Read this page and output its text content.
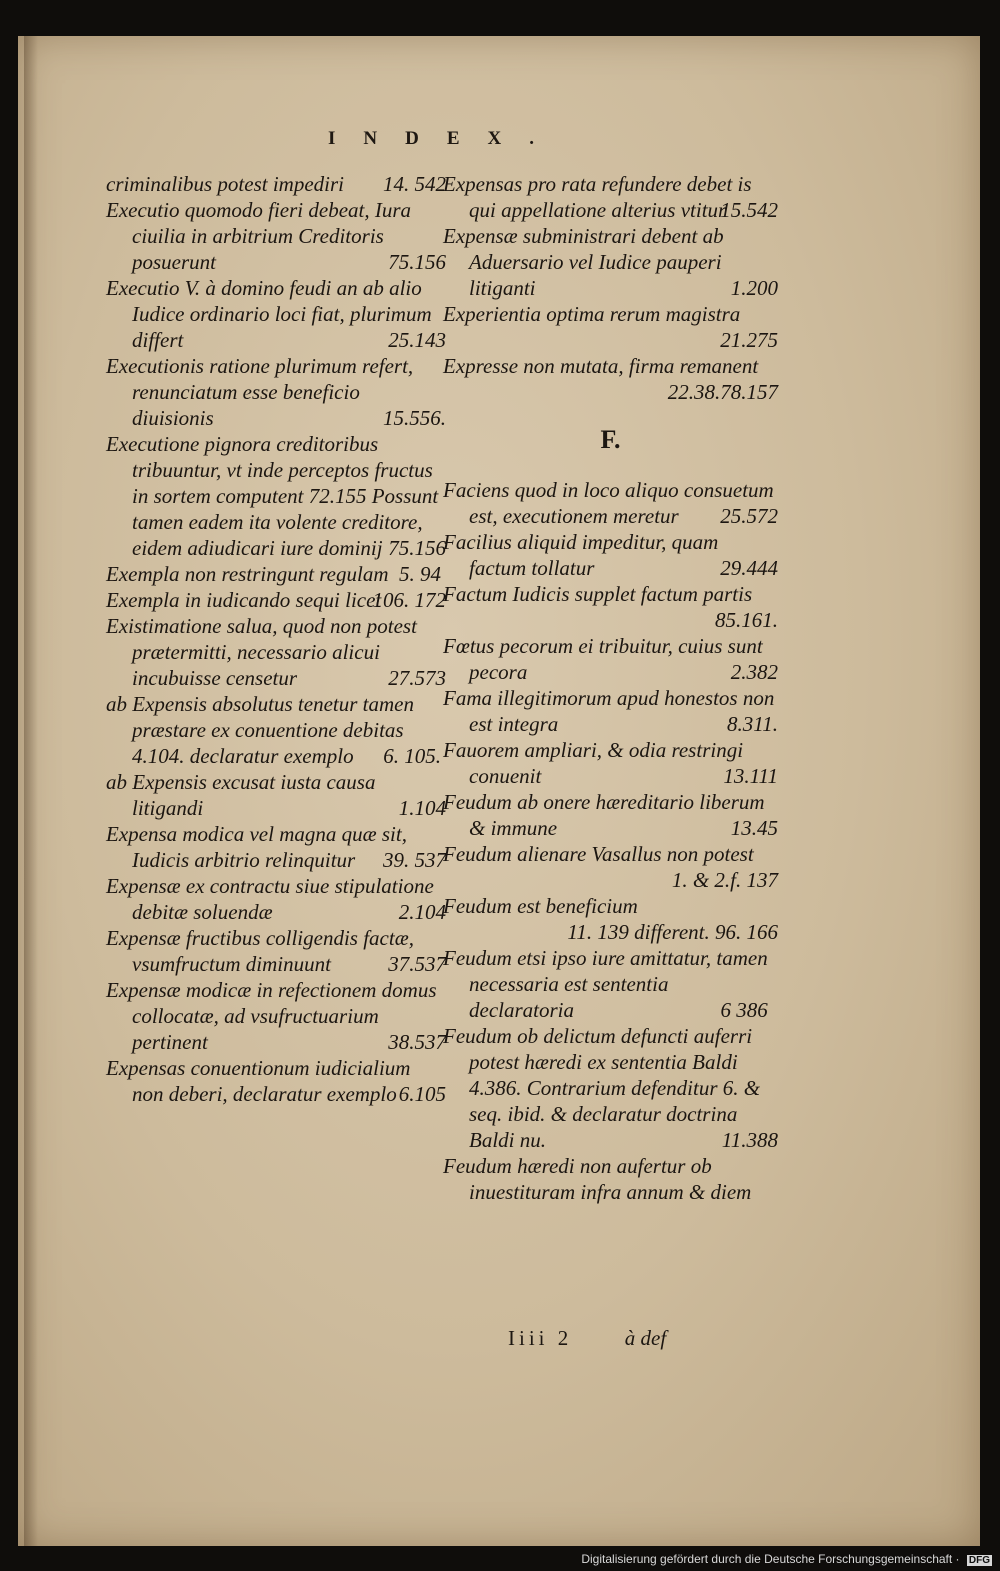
INDEX.

criminalibus potest impediri 14. 542

Executio quomodo fieri debeat, Iura ciuilia in arbitrium Creditoris posuerunt	75.156

Executio V. à domino feudi an ab alio Iudice ordinario loci fiat, plurimum differt	25.143

Executionis ratione plurimum refert, renunciatum esse beneficio diuisionis	15.556.

Executione pignora creditoribus tribuuntur, vt inde perceptos fructus in sortem computent 72.155 Possunt tamen eadem ita volente creditore, eidem adiudicari iure dominij 75.156

Exempla non restringunt regulam 5. 94

Exempla in iudicando sequi licet
106. 172

Existimatione salua, quod non potest prætermitti, necessario alicui incubuisse censetur	27.573

ab Expensis absolutus tenetur tamen præstare ex conuentione debitas 4.104. declaratur exemplo 6. 105.

ab Expensis excusat iusta causa litigandi	1.104

Expensa modica vel magna quæ sit, Iudicis arbitrio relinquitur 39. 537

Expensæ ex contractu siue stipulatione debitæ soluendæ	2.104

Expensæ fructibus colligendis factæ, vsumfructum diminuunt	37.537

Expensæ modicæ in refectionem domus collocatæ, ad vsufructuarium pertinent	38.537

Expensas conuentionum iudicialium non deberi, declaratur exemplo 6.105

Expensas pro rata refundere debet is qui appellatione alterius vtitur
15.542

Expensæ subministrari debent ab Aduersario vel Iudice pauperi litiganti	1.200

Experientia optima rerum magistra
21.275

Expresse non mutata, firma remanent
22.38.78.157

F.

Faciens quod in loco aliquo consuetum est, executionem meretur 25.572

Facilius aliquid impeditur, quam factum tollatur	29.444

Factum Iudicis supplet factum partis
85.161.

Fœtus pecorum ei tribuitur, cuius sunt pecora	2.382

Fama illegitimorum apud honestos non est integra	8.311.

Fauorem ampliari, & odia restringi conuenit	13.111

Feudum ab onere hæreditario liberum & immune	13.45

Feudum alienare Vasallus non potest
1. & 2.f. 137

Feudum est beneficium
11. 139 different. 96. 166

Feudum etsi ipso iure amittatur, tamen necessaria est sententia declaratoria	6 386

Feudum ob delictum defuncti auferri potest hæredi ex sententia Baldi 4.386. Contrarium defenditur 6. & seq. ibid. & declaratur doctrina Baldi nu.	11.388

Feudum hæredi non aufertur ob inuestituram infra annum & diem

Iiii 2	à def
Digitalisierung gefördert durch die Deutsche Forschungsgemeinschaft · DFG
